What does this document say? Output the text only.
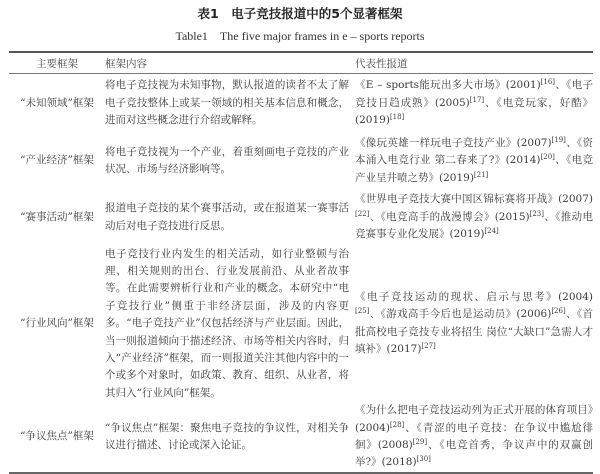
表1　电子竞技报道中的5个显著框架
Table1　The five major frames in e – sports reports
主要框架	框架内容	代表性报道
“未知领域”框架	将电子竞技视为未知事物，默认报道的读者不太了解电子竞技整体上或某一领域的相关基本信息和概念，进而对这些概念进行介绍或解释。	《E – sports能玩出多大市场》(2001)[16]、《电子竞技日趋成熟》(2005)[17]、《电竞玩家，好酷》(2019)[18]
“产业经济”框架	将电子竞技视为一个产业，着重刻画电子竞技的产业状况、市场与经济影响等。	《像玩英雄一样玩电子竞技产业》(2007)[19]、《资本涌入电竞行业 第二春来了?》(2014)[20]、《电竞产业呈井喷之势》(2019)[21]
“赛事活动”框架	报道电子竞技的某个赛事活动，或在报道某一赛事活动后对电子竞技进行反思。	《世界电子竞技大赛中国区锦标赛将开战》(2007)[22]、《电竞高手的战漫博会》(2015)[23]、《推动电竞赛事专业化发展》(2019)[24]
“行业风向”框架	电子竞技行业内发生的相关活动，如行业整顿与治理、相关规则的出台、行业发展前沿、从业者故事等。在此需要辨析行业和产业的概念。本研究中“电子竞技行业”侧重于非经济层面，涉及的内容更多。“电子竞技产业”仅包括经济与产业层面。因此，当一则报道倾向于描述经济、市场等相关内容时，归入“产业经济”框架，而一则报道关注其他内容中的一个或多个对象时，如政策、教育、组织、从业者，将其归入“行业风向”框架。	《电子竞技运动的现状、启示与思考》(2004)[25]、《游戏高手今后也是运动员》(2006)[26]、《首批高校电子竞技专业将招生 岗位“大缺口”急需人才填补》(2017)[27]
“争议焦点”框架	“争议焦点”框架：聚焦电子竞技的争议性，对相关争议进行描述、讨论或深入论证。	《为什么把电子竞技运动列为正式开展的体育项目》(2004)[28]、《青涩的电子竞技：在争议中尴尬徘徊》(2008)[29]、《电竞首秀，争议声中的双赢创举?》(2018)[30]
